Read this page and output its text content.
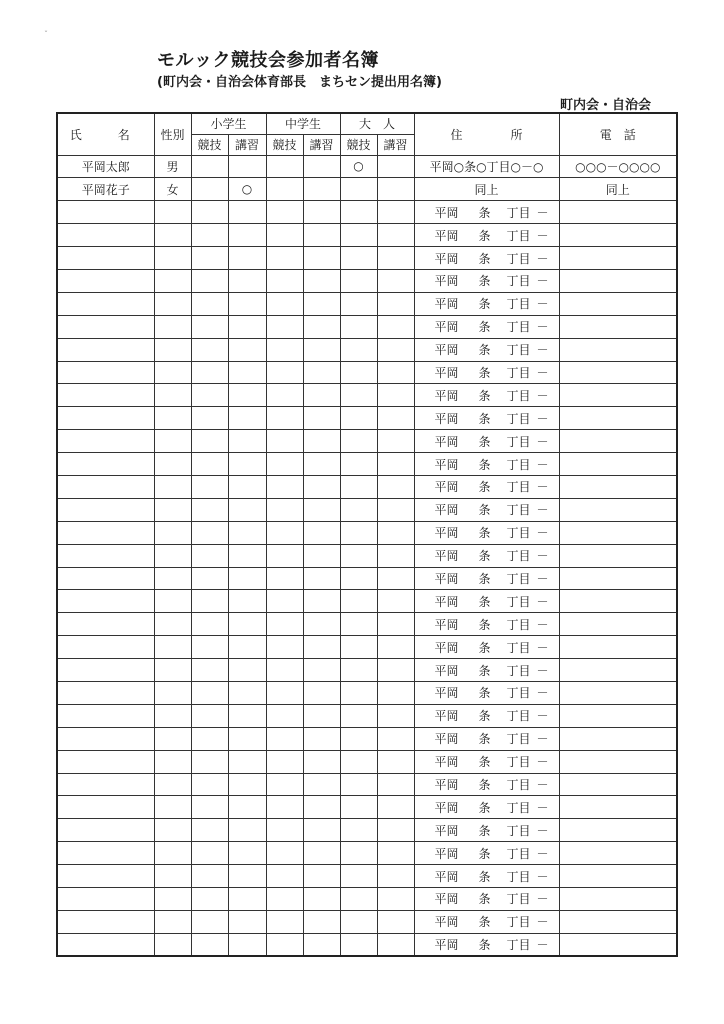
ˇ
モルック競技会参加者名簿
(町内会・自治会体育部長　まちセン提出用名簿)
町内会・自治会
氏　名	性別	小学生		中学生		大　人		住　　　　所	電　話
		競技	講習	競技	講習	競技	講習		
平岡太郎	男					○		平岡○条○丁目○－○	○○○－○○○○
平岡花子	女		○					同上	同上
								平岡 条 丁目 －	
								平岡 条 丁目 －	
								平岡 条 丁目 －	
								平岡 条 丁目 －	
								平岡 条 丁目 －	
								平岡 条 丁目 －	
								平岡 条 丁目 －	
								平岡 条 丁目 －	
								平岡 条 丁目 －	
								平岡 条 丁目 －	
								平岡 条 丁目 －	
								平岡 条 丁目 －	
								平岡 条 丁目 －	
								平岡 条 丁目 －	
								平岡 条 丁目 －	
								平岡 条 丁目 －	
								平岡 条 丁目 －	
								平岡 条 丁目 －	
								平岡 条 丁目 －	
								平岡 条 丁目 －	
								平岡 条 丁目 －	
								平岡 条 丁目 －	
								平岡 条 丁目 －	
								平岡 条 丁目 －	
								平岡 条 丁目 －	
								平岡 条 丁目 －	
								平岡 条 丁目 －	
								平岡 条 丁目 －	
								平岡 条 丁目 －	
								平岡 条 丁目 －	
								平岡 条 丁目 －	
								平岡 条 丁目 －	
								平岡 条 丁目 －	
